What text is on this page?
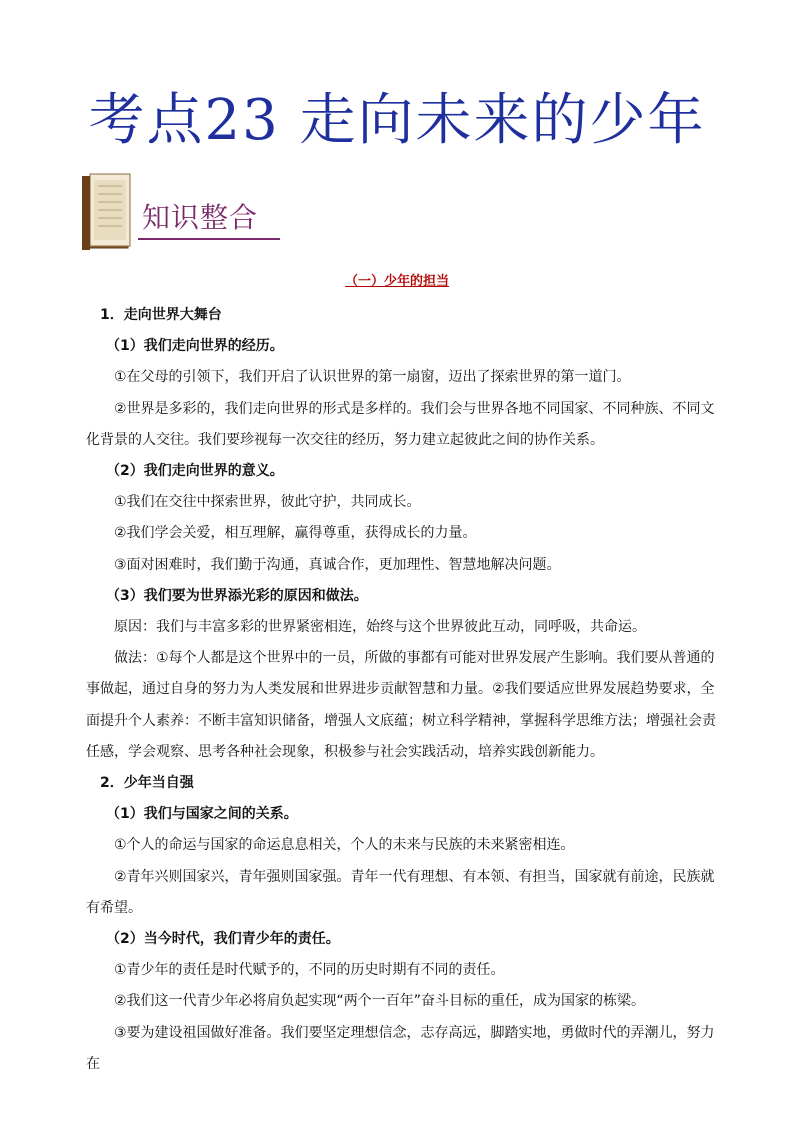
考点23 走向未来的少年
知识整合
（一）少年的担当

1．走向世界大舞台

（1）我们走向世界的经历。

①在父母的引领下，我们开启了认识世界的第一扇窗，迈出了探索世界的第一道门。

②世界是多彩的，我们走向世界的形式是多样的。我们会与世界各地不同国家、不同种族、不同文化背景的人交往。我们要珍视每一次交往的经历，努力建立起彼此之间的协作关系。

（2）我们走向世界的意义。

①我们在交往中探索世界，彼此守护，共同成长。

②我们学会关爱，相互理解，赢得尊重，获得成长的力量。

③面对困难时，我们勤于沟通，真诚合作，更加理性、智慧地解决问题。

（3）我们要为世界添光彩的原因和做法。

原因：我们与丰富多彩的世界紧密相连，始终与这个世界彼此互动，同呼吸，共命运。

做法：①每个人都是这个世界中的一员，所做的事都有可能对世界发展产生影响。我们要从普通的事做起，通过自身的努力为人类发展和世界进步贡献智慧和力量。②我们要适应世界发展趋势要求，全面提升个人素养：不断丰富知识储备，增强人文底蕴；树立科学精神，掌握科学思维方法；增强社会责任感，学会观察、思考各种社会现象，积极参与社会实践活动，培养实践创新能力。

2．少年当自强

（1）我们与国家之间的关系。

①个人的命运与国家的命运息息相关，个人的未来与民族的未来紧密相连。

②青年兴则国家兴，青年强则国家强。青年一代有理想、有本领、有担当，国家就有前途，民族就有希望。

（2）当今时代，我们青少年的责任。

①青少年的责任是时代赋予的，不同的历史时期有不同的责任。

②我们这一代青少年必将肩负起实现“两个一百年”奋斗目标的重任，成为国家的栋梁。

③要为建设祖国做好准备。我们要坚定理想信念，志存高远，脚踏实地，勇做时代的弄潮儿，努力在
